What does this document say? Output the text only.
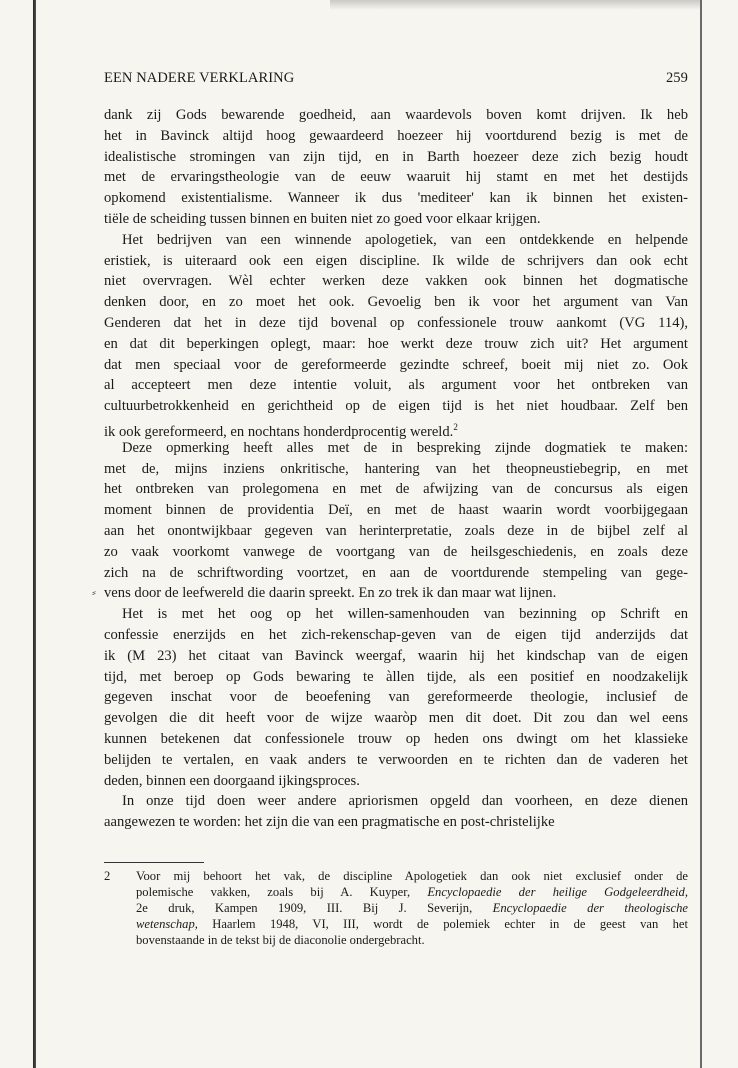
EEN NADERE VERKLARING	259
⸗
dank zij Gods bewarende goedheid, aan waardevols boven komt drijven. Ik heb
het in Bavinck altijd hoog gewaardeerd hoezeer hij voortdurend bezig is met de
idealistische stromingen van zijn tijd, en in Barth hoezeer deze zich bezig houdt
met de ervaringstheologie van de eeuw waaruit hij stamt en met het destijds
opkomend existentialisme. Wanneer ik dus 'mediteer' kan ik binnen het existen-
tiële de scheiding tussen binnen en buiten niet zo goed voor elkaar krijgen.
Het bedrijven van een winnende apologetiek, van een ontdekkende en helpende
eristiek, is uiteraard ook een eigen discipline. Ik wilde de schrijvers dan ook echt
niet overvragen. Wèl echter werken deze vakken ook binnen het dogmatische
denken door, en zo moet het ook. Gevoelig ben ik voor het argument van Van
Genderen dat het in deze tijd bovenal op confessionele trouw aankomt (VG 114),
en dat dit beperkingen oplegt, maar: hoe werkt deze trouw zich uit? Het argument
dat men speciaal voor de gereformeerde gezindte schreef, boeit mij niet zo. Ook
al accepteert men deze intentie voluit, als argument voor het ontbreken van
cultuurbetrokkenheid en gerichtheid op de eigen tijd is het niet houdbaar. Zelf ben
ik ook gereformeerd, en nochtans honderdprocentig wereld.$^2$
Deze opmerking heeft alles met de in bespreking zijnde dogmatiek te maken:
met de, mijns inziens onkritische, hantering van het theopneustiebegrip, en met
het ontbreken van prolegomena en met de afwijzing van de concursus als eigen
moment binnen de providentia Deï, en met de haast waarin wordt voorbijgegaan
aan het onontwijkbaar gegeven van herinterpretatie, zoals deze in de bijbel zelf al
zo vaak voorkomt vanwege de voortgang van de heilsgeschiedenis, en zoals deze
zich na de schriftwording voortzet, en aan de voortdurende stempeling van gege-
vens door de leefwereld die daarin spreekt. En zo trek ik dan maar wat lijnen.
Het is met het oog op het willen-samenhouden van bezinning op Schrift en
confessie enerzijds en het zich-rekenschap-geven van de eigen tijd anderzijds dat
ik (M 23) het citaat van Bavinck weergaf, waarin hij het kindschap van de eigen
tijd, met beroep op Gods bewaring te àllen tijde, als een positief en noodzakelijk
gegeven inschat voor de beoefening van gereformeerde theologie, inclusief de
gevolgen die dit heeft voor de wijze waaròp men dit doet. Dit zou dan wel eens
kunnen betekenen dat confessionele trouw op heden ons dwingt om het klassieke
belijden te vertalen, en vaak anders te verwoorden en te richten dan de vaderen het
deden, binnen een doorgaand ijkingsproces.
In onze tijd doen weer andere apriorismen opgeld dan voorheen, en deze dienen
aangewezen te worden: het zijn die van een pragmatische en post-christelijke
2	Voor mij behoort het vak, de discipline Apologetiek dan ook niet exclusief onder de
polemische vakken, zoals bij A. Kuyper, Encyclopaedie der heilige Godgeleerdheid,
2e druk, Kampen 1909, III. Bij J. Severijn, Encyclopaedie der theologische
wetenschap, Haarlem 1948, VI, III, wordt de polemiek echter in de geest van het
bovenstaande in de tekst bij de diaconolie ondergebracht.
